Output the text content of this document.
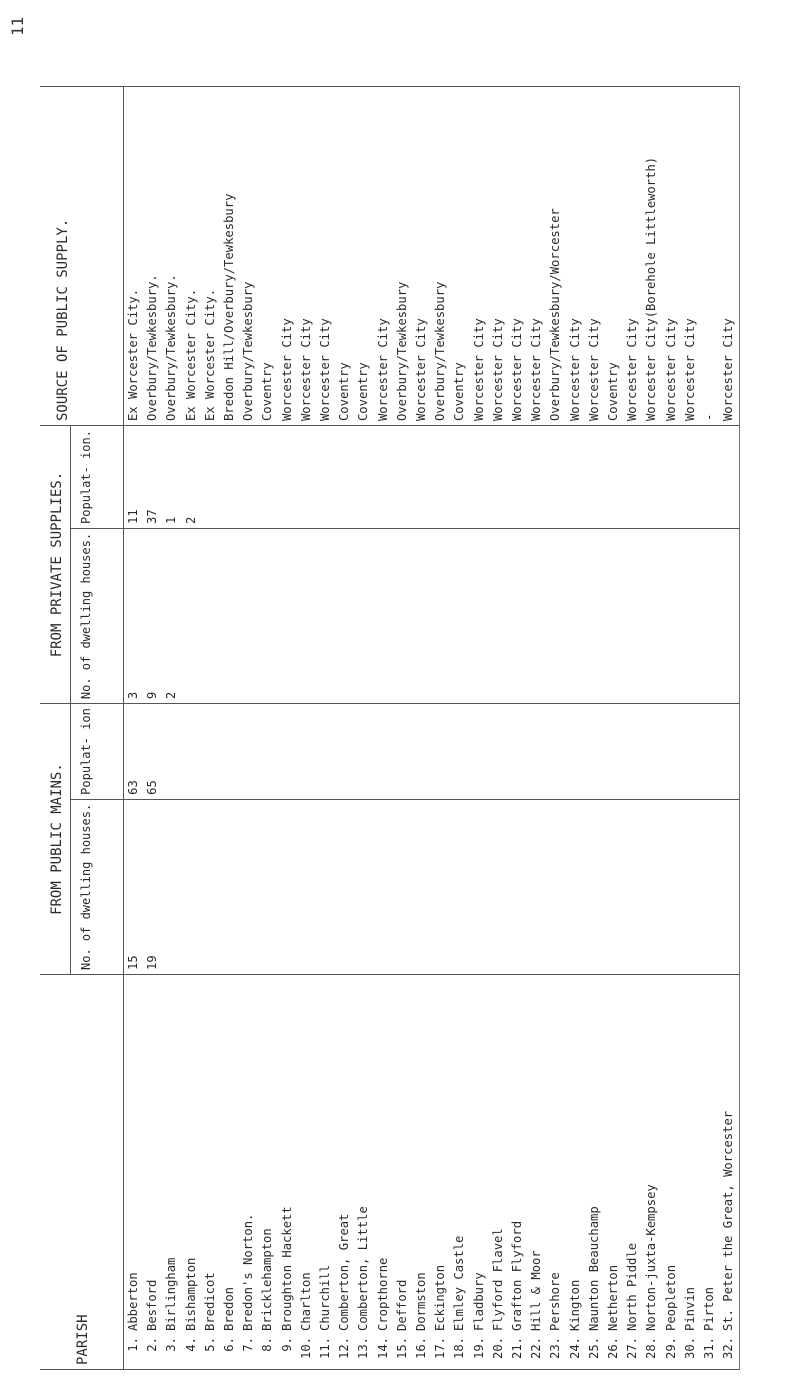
11
PARISH	FROM PUBLIC MAINS.		FROM PRIVATE SUPPLIES.		SOURCE OF PUBLIC SUPPLY.
	No. of dwelling houses.	Populat- ion	No. of dwelling houses.	Populat- ion.	
1.Abberton	15	63	3	11	Ex Worcester City.
2.Besford	19	65	9	37	Overbury/Tewkesbury.
3.Birlingham			2	1	Overbury/Tewkesbury.
4.Bishampton				2	Ex Worcester City.
5.Bredicot					Ex Worcester City.
6.Bredon					Bredon Hill/Overbury/Tewkesbury
7.Bredon's Norton.					Overbury/Tewkesbury
8.Bricklehampton					Coventry
9.Broughton Hackett					Worcester City
10.Charlton					Worcester City
11.Churchill					Worcester City
12.Comberton, Great					Coventry
13.Comberton, Little					Coventry
14.Cropthorne					Worcester City
15.Defford					Overbury/Tewkesbury
16.Dormston					Worcester City
17.Eckington					Overbury/Tewkesbury
18.Elmley Castle					Coventry
19.Fladbury					Worcester City
20.Flyford Flavel					Worcester City
21.Grafton Flyford					Worcester City
22.Hill & Moor					Worcester City
23.Pershore					Overbury/Tewkesbury/Worcester
24.Kington					Worcester City
25.Naunton Beauchamp					Worcester City
26.Netherton					Coventry
27.North Piddle					Worcester City
28.Norton-juxta-Kempsey					Worcester City(Borehole Littleworth)
29.Peopleton					Worcester City
30.Pinvin					Worcester City
31.Pirton					-
32.St. Peter the Great, Worcester					Worcester City
